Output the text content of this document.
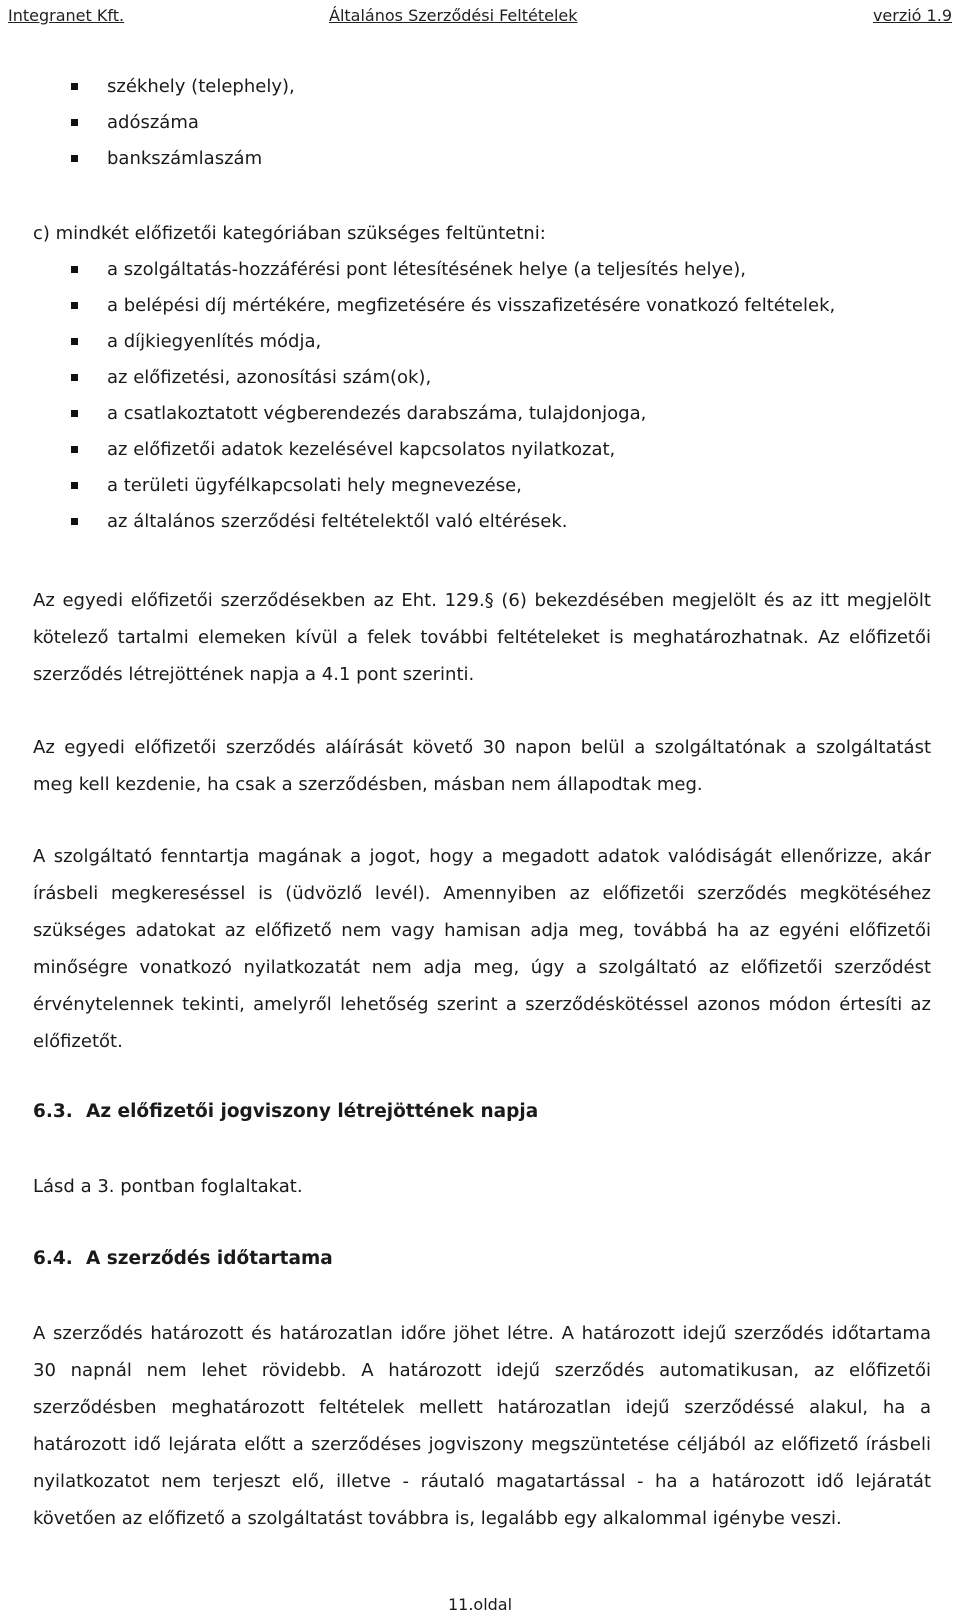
Integranet Kft.	Általános Szerződési Feltételek	verzió 1.9
székhely (telephely),
adószáma
bankszámlaszám
c) mindkét előfizetői kategóriában szükséges feltüntetni:
a szolgáltatás-hozzáférési pont létesítésének helye (a teljesítés helye),
a belépési díj mértékére, megfizetésére és visszafizetésére vonatkozó feltételek,
a díjkiegyenlítés módja,
az előfizetési, azonosítási szám(ok),
a csatlakoztatott végberendezés darabszáma, tulajdonjoga,
az előfizetői adatok kezelésével kapcsolatos nyilatkozat,
a területi ügyfélkapcsolati hely megnevezése,
az általános szerződési feltételektől való eltérések.

Az egyedi előfizetői szerződésekben az Eht. 129.§ (6) bekezdésében megjelölt és az itt megjelölt kötelező tartalmi elemeken kívül a felek további feltételeket is meghatározhatnak. Az előfizetői szerződés létrejöttének napja a 4.1 pont szerinti.

Az egyedi előfizetői szerződés aláírását követő 30 napon belül a szolgáltatónak a szolgáltatást meg kell kezdenie, ha csak a szerződésben, másban nem állapodtak meg.

A szolgáltató fenntartja magának a jogot, hogy a megadott adatok valódiságát ellenőrizze, akár írásbeli megkereséssel is (üdvözlő levél). Amennyiben az előfizetői szerződés megkötéséhez szükséges adatokat az előfizető nem vagy hamisan adja meg, továbbá ha az egyéni előfizetői minőségre vonatkozó nyilatkozatát nem adja meg, úgy a szolgáltató az előfizetői szerződést érvénytelennek tekinti, amelyről lehetőség szerint a szerződéskötéssel azonos módon értesíti az előfizetőt.

6.3. Az előfizetői jogviszony létrejöttének napja
Lásd a 3. pontban foglaltakat.
6.4. A szerződés időtartama

A szerződés határozott és határozatlan időre jöhet létre. A határozott idejű szerződés időtartama 30 napnál nem lehet rövidebb. A határozott idejű szerződés automatikusan, az előfizetői szerződésben meghatározott feltételek mellett határozatlan idejű szerződéssé alakul, ha a határozott idő lejárata előtt a szerződéses jogviszony megszüntetése céljából az előfizető írásbeli nyilatkozatot nem terjeszt elő, illetve - ráutaló magatartással - ha a határozott idő lejáratát követően az előfizető a szolgáltatást továbbra is, legalább egy alkalommal igénybe veszi.

11.oldal
